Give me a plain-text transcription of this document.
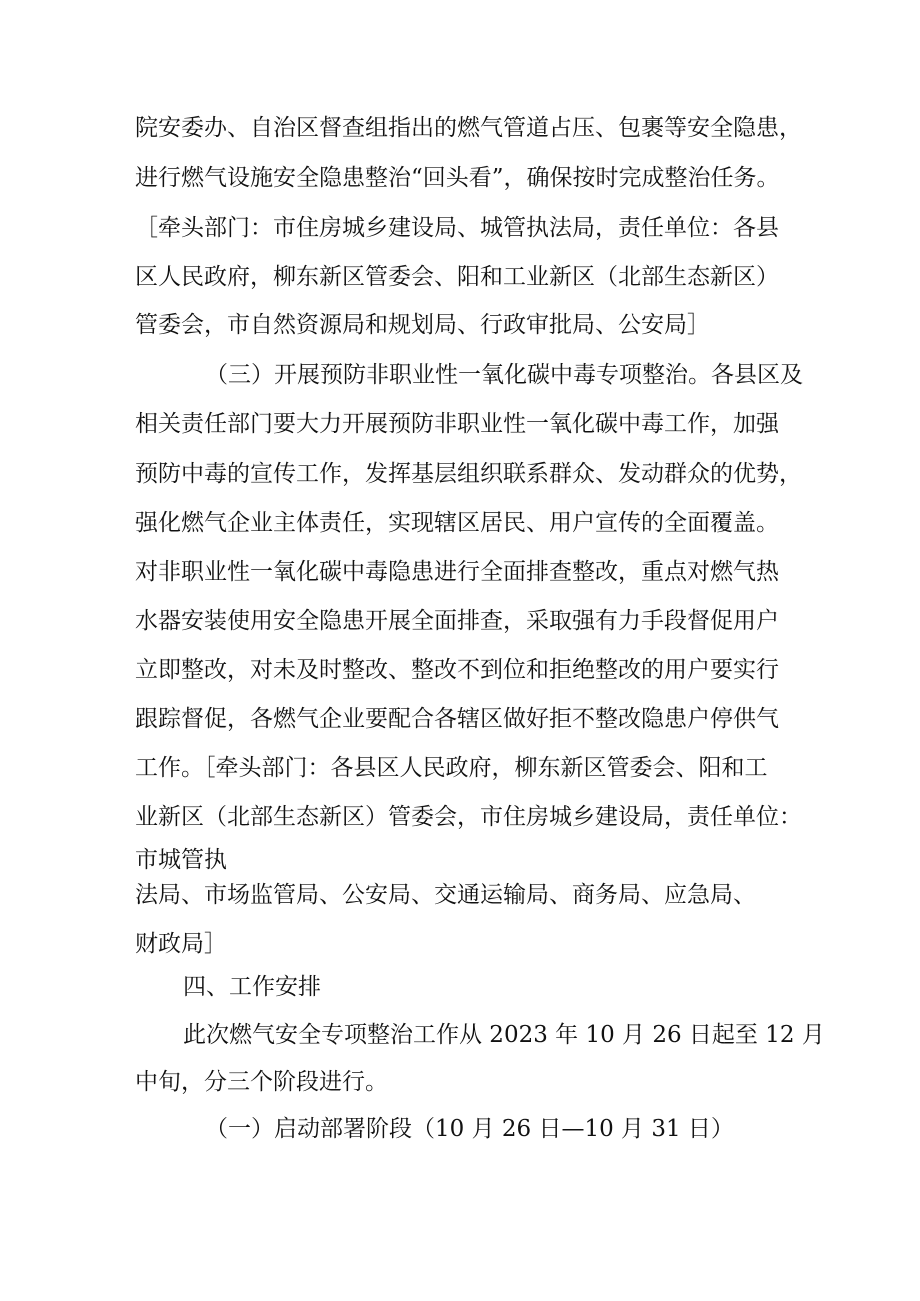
院安委办、自治区督查组指出的燃气管道占压、包裹等安全隐患，

进行燃气设施安全隐患整治“回头看”，确保按时完成整治任务。

［牵头部门：市住房城乡建设局、城管执法局，责任单位：各县

区人民政府，柳东新区管委会、阳和工业新区（北部生态新区）

管委会，市自然资源局和规划局、行政审批局、公安局］

（三）开展预防非职业性一氧化碳中毒专项整治。各县区及

相关责任部门要大力开展预防非职业性一氧化碳中毒工作，加强

预防中毒的宣传工作，发挥基层组织联系群众、发动群众的优势，

强化燃气企业主体责任，实现辖区居民、用户宣传的全面覆盖。

对非职业性一氧化碳中毒隐患进行全面排查整改，重点对燃气热

水器安装使用安全隐患开展全面排查，采取强有力手段督促用户

立即整改，对未及时整改、整改不到位和拒绝整改的用户要实行

跟踪督促，各燃气企业要配合各辖区做好拒不整改隐患户停供气

工作。［牵头部门：各县区人民政府，柳东新区管委会、阳和工

业新区（北部生态新区）管委会，市住房城乡建设局，责任单位：

市城管执

法局、市场监管局、公安局、交通运输局、商务局、应急局、

财政局］

四、工作安排

此次燃气安全专项整治工作从 2023 年 10 月 26 日起至 12 月

中旬，分三个阶段进行。

（一）启动部署阶段（10 月 26 日—10 月 31 日）
